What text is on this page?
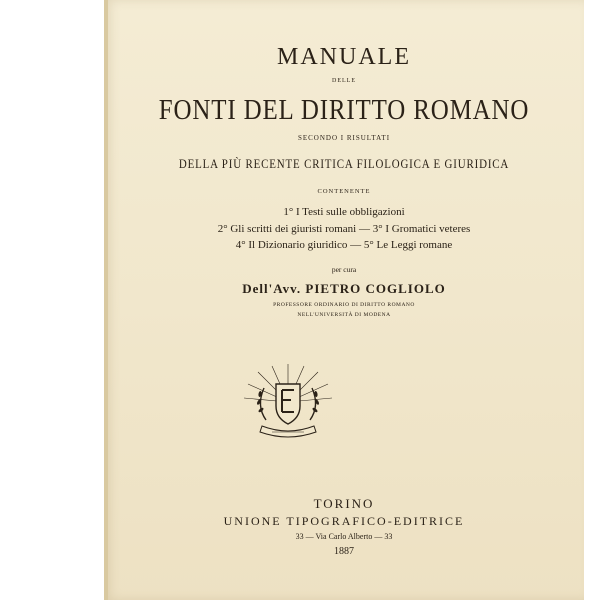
MANUALE
DELLE
FONTI DEL DIRITTO ROMANO
SECONDO I RISULTATI
DELLA PIÙ RECENTE CRITICA FILOLOGICA E GIURIDICA
CONTENENTE
1° I Testi sulle obbligazioni
2° Gli scritti dei giuristi romani — 3° I Gromatici veteres
4° Il Dizionario giuridico — 5° Le Leggi romane
per cura
Dell'Avv. PIETRO COGLIOLO
PROFESSORE ORDINARIO DI DIRITTO ROMANO
NELL'UNIVERSITÀ DI MODENA
TORINO
UNIONE TIPOGRAFICO-EDITRICE
33 — Via Carlo Alberto — 33
1887
